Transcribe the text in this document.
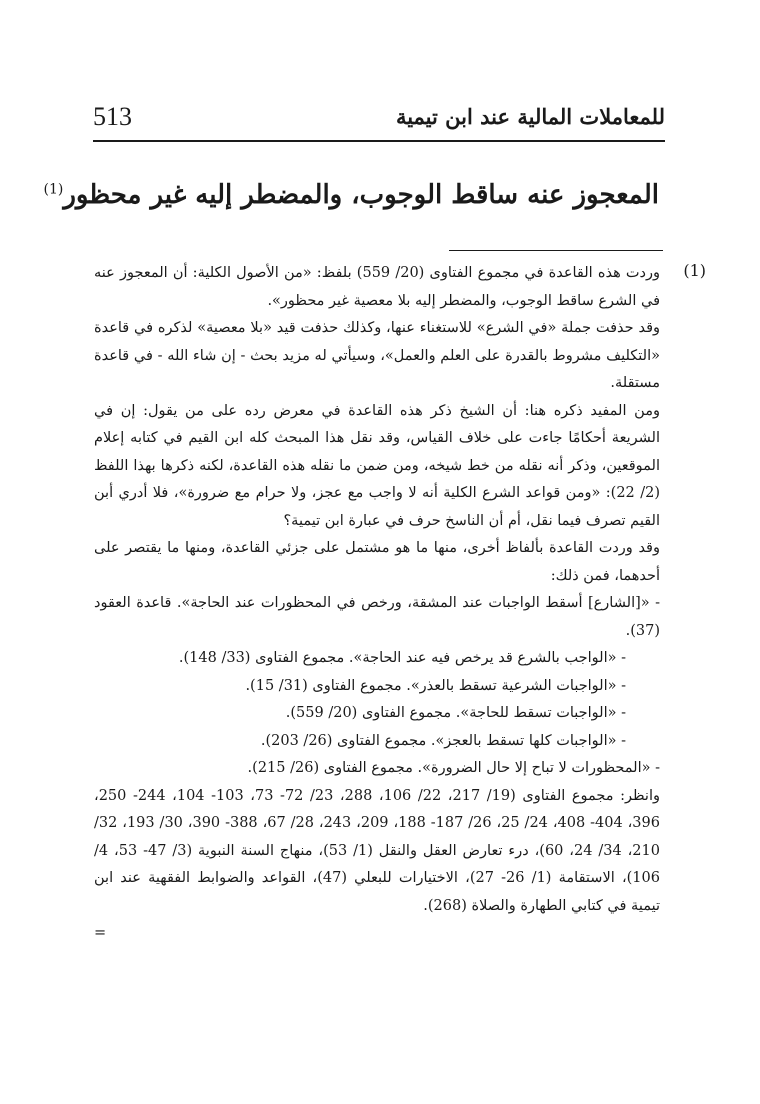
للمعاملات المالية عند ابن تيمية
513
المعجوز عنه ساقط الوجوب، والمضطر إليه غير محظور$^{(1)}$
(1)

وردت هذه القاعدة في مجموع الفتاوى (20/ 559) بلفظ: «من الأصول الكلية: أن المعجوز عنه في الشرع ساقط الوجوب، والمضطر إليه بلا معصية غير محظور».

وقد حذفت جملة «في الشرع» للاستغناء عنها، وكذلك حذفت قيد «بلا معصية» لذكره في قاعدة «التكليف مشروط بالقدرة على العلم والعمل»، وسيأتي له مزيد بحث - إن شاء الله - في قاعدة مستقلة.

ومن المفيد ذكره هنا: أن الشيخ ذكر هذه القاعدة في معرض رده على من يقول: إن في الشريعة أحكامًا جاءت على خلاف القياس، وقد نقل هذا المبحث كله ابن القيم في كتابه إعلام الموقعين، وذكر أنه نقله من خط شيخه، ومن ضمن ما نقله هذه القاعدة، لكنه ذكرها بهذا اللفظ (2/ 22): «ومن قواعد الشرع الكلية أنه لا واجب مع عجز، ولا حرام مع ضرورة»، فلا أدري أبن القيم تصرف فيما نقل، أم أن الناسخ حرف في عبارة ابن تيمية؟

وقد وردت القاعدة بألفاظ أخرى، منها ما هو مشتمل على جزئي القاعدة، ومنها ما يقتصر على أحدهما، فمن ذلك:

- «[الشارع] أسقط الواجبات عند المشقة، ورخص في المحظورات عند الحاجة». قاعدة العقود (37).

- «الواجب بالشرع قد يرخص فيه عند الحاجة». مجموع الفتاوى (33/ 148).

- «الواجبات الشرعية تسقط بالعذر». مجموع الفتاوى (31/ 15).

- «الواجبات تسقط للحاجة». مجموع الفتاوى (20/ 559).

- «الواجبات كلها تسقط بالعجز». مجموع الفتاوى (26/ 203).

- «المحظورات لا تباح إلا حال الضرورة». مجموع الفتاوى (26/ 215).

وانظر: مجموع الفتاوى (19/ 217، 22/ 106، 288، 23/ 72- 73، 103- 104، 244- 250، 396، 404- 408، 24/ 25، 26/ 187- 188، 209، 243، 28/ 67، 388- 390، 30/ 193، 32/ 210، 34/ 24، 60)، درء تعارض العقل والنقل (1/ 53)، منهاج السنة النبوية (3/ 47- 53، 4/ 106)، الاستقامة (1/ 26- 27)، الاختيارات للبعلي (47)، القواعد والضوابط الفقهية عند ابن تيمية في كتابي الطهارة والصلاة (268).

=
